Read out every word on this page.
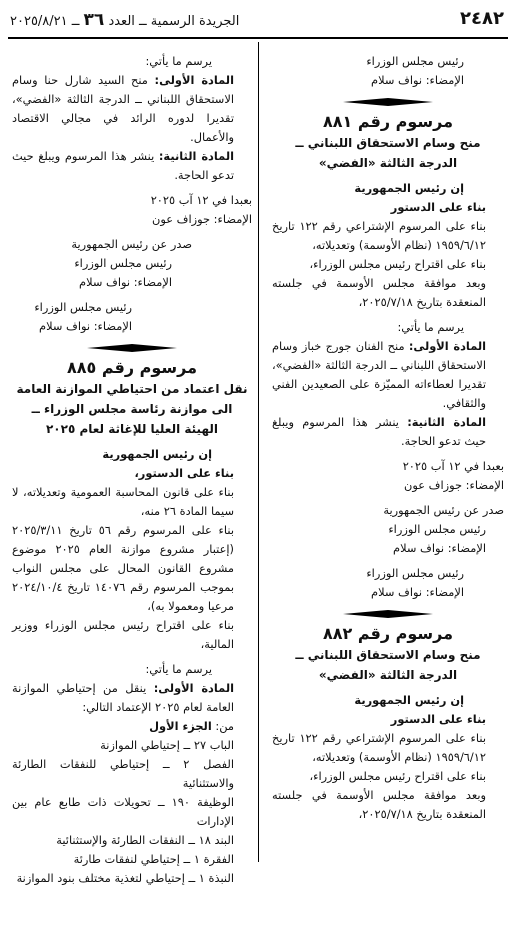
٢٤٨٢
الجريدة الرسمية ــ العدد ٣٦ ــ ٢٠٢٥/٨/٢١

رئيس مجلس الوزراء

الإمضاء: نواف سلام

مرسوم رقم ٨٨١

منح وسام الاستحقاق اللبناني ــ

الدرجة الثالثة «الفضي»

إن رئيس الجمهورية

بناء على الدستور

بناء على المرسوم الإشتراعي رقم ١٢٢ تاريخ ١٩٥٩/٦/١٢ (نظام الأوسمة) وتعديلاته،

بناء على اقتراح رئيس مجلس الوزراء،

وبعد موافقة مجلس الأوسمة في جلسته المنعقدة بتاريخ ٢٠٢٥/٧/١٨،

يرسم ما يأتي:

المادة الأولى: منح الفنان جورج خباز وسام الاستحقاق اللبناني ــ الدرجة الثالثة «الفضي»، تقديرا لعطاءاته المميّزة على الصعيدين الفني والثقافي.

المادة الثانية: ينشر هذا المرسوم ويبلغ حيث تدعو الحاجة.

بعبدا في ١٢ آب ٢٠٢٥

الإمضاء: جوزاف عون

صدر عن رئيس الجمهورية

رئيس مجلس الوزراء

الإمضاء: نواف سلام

رئيس مجلس الوزراء

الإمضاء: نواف سلام

مرسوم رقم ٨٨٢

منح وسام الاستحقاق اللبناني ــ

الدرجة الثالثة «الفضي»

إن رئيس الجمهورية

بناء على الدستور

بناء على المرسوم الإشتراعي رقم ١٢٢ تاريخ ١٩٥٩/٦/١٢ (نظام الأوسمة) وتعديلاته،

بناء على اقتراح رئيس مجلس الوزراء،

وبعد موافقة مجلس الأوسمة في جلسته المنعقدة بتاريخ ٢٠٢٥/٧/١٨،

يرسم ما يأتي:

المادة الأولى: منح السيد شارل حنا وسام الاستحقاق اللبناني ــ الدرجة الثالثة «الفضي»، تقديرا لدوره الرائد في مجالي الاقتصاد والأعمال.

المادة الثانية: ينشر هذا المرسوم ويبلغ حيث تدعو الحاجة.

بعبدا في ١٢ آب ٢٠٢٥

الإمضاء: جوزاف عون

صدر عن رئيس الجمهورية

رئيس مجلس الوزراء

الإمضاء: نواف سلام

رئيس مجلس الوزراء

الإمضاء: نواف سلام

مرسوم رقم ٨٨٥

نقل اعتماد من احتياطي الموازنة العامة

الى موازنة رئاسة مجلس الوزراء ــ

الهيئة العليا للإغاثة لعام ٢٠٢٥

إن رئيس الجمهورية

بناء على الدستور،

بناء على قانون المحاسبة العمومية وتعديلاته، لا سيما المادة ٢٦ منه،

بناء على المرسوم رقم ٥٦ تاريخ ٢٠٢٥/٣/١١ (إعتبار مشروع موازنة العام ٢٠٢٥ موضوع مشروع القانون المحال على مجلس النواب بموجب المرسوم رقم ١٤٠٧٦ تاريخ ٢٠٢٤/١٠/٤ مرعيا ومعمولا به)،

بناء على اقتراح رئيس مجلس الوزراء ووزير المالية،

يرسم ما يأتي:

المادة الأولى: ينقل من إحتياطي الموازنة العامة لعام ٢٠٢٥ الإعتماد التالي:

من: الجزء الأول

الباب ٢٧ ــ إحتياطي الموازنة

الفصل ٢ ــ إحتياطي للنفقات الطارئة والاستثنائية

الوظيفة ١٩٠ ــ تحويلات ذات طابع عام بين الإدارات

البند ١٨ ــ النفقات الطارئة والإستثنائية

الفقرة ١ ــ إحتياطي لنفقات طارئة

النبذة ١ ــ إحتياطي لتغذية مختلف بنود الموازنة
